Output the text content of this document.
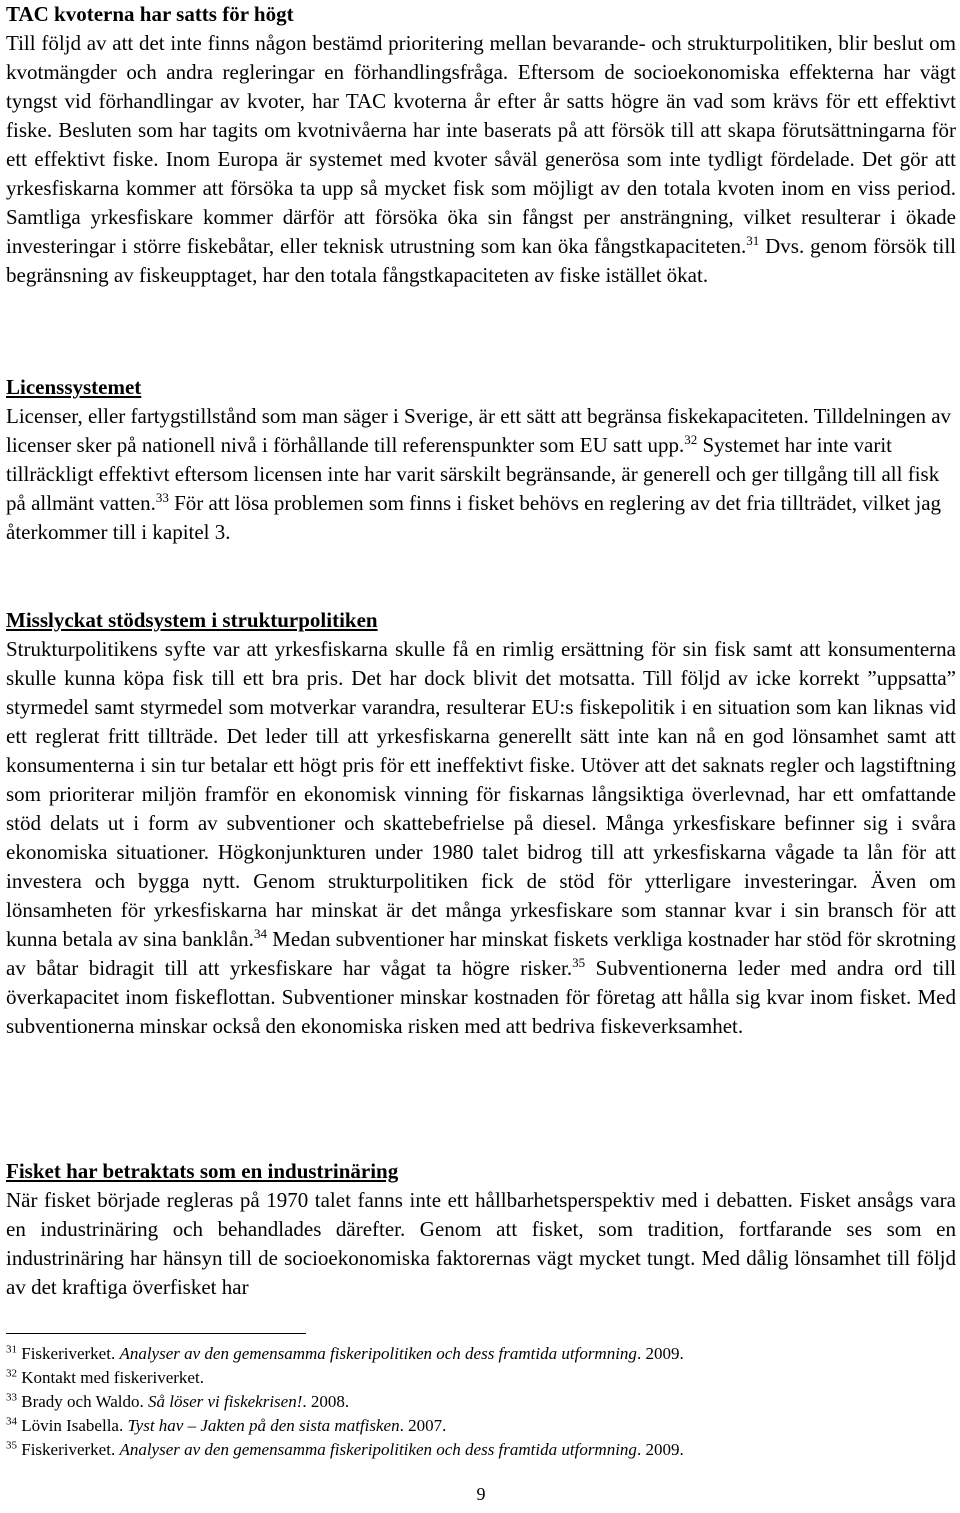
TAC kvoterna har satts för högt

Till följd av att det inte finns någon bestämd prioritering mellan bevarande- och strukturpolitiken, blir beslut om kvotmängder och andra regleringar en förhandlingsfråga. Eftersom de socioekonomiska effekterna har vägt tyngst vid förhandlingar av kvoter, har TAC kvoterna år efter år satts högre än vad som krävs för ett effektivt fiske. Besluten som har tagits om kvotnivåerna har inte baserats på att försök till att skapa förutsättningarna för ett effektivt fiske. Inom Europa är systemet med kvoter såväl generösa som inte tydligt fördelade. Det gör att yrkesfiskarna kommer att försöka ta upp så mycket fisk som möjligt av den totala kvoten inom en viss period. Samtliga yrkesfiskare kommer därför att försöka öka sin fångst per ansträngning, vilket resulterar i ökade investeringar i större fiskebåtar, eller teknisk utrustning som kan öka fångstkapaciteten.$^{31}$ Dvs. genom försök till begränsning av fiskeupptaget, har den totala fångstkapaciteten av fiske istället ökat.

Licenssystemet

Licenser, eller fartygstillstånd som man säger i Sverige, är ett sätt att begränsa fiskekapaciteten. Tilldelningen av licenser sker på nationell nivå i förhållande till referenspunkter som EU satt upp.$^{32}$ Systemet har inte varit tillräckligt effektivt eftersom licensen inte har varit särskilt begränsande, är generell och ger tillgång till all fisk på allmänt vatten.$^{33}$ För att lösa problemen som finns i fisket behövs en reglering av det fria tillträdet, vilket jag återkommer till i kapitel 3.

Misslyckat stödsystem i strukturpolitiken

Strukturpolitikens syfte var att yrkesfiskarna skulle få en rimlig ersättning för sin fisk samt att konsumenterna skulle kunna köpa fisk till ett bra pris. Det har dock blivit det motsatta. Till följd av icke korrekt ”uppsatta” styrmedel samt styrmedel som motverkar varandra, resulterar EU:s fiskepolitik i en situation som kan liknas vid ett reglerat fritt tillträde. Det leder till att yrkesfiskarna generellt sätt inte kan nå en god lönsamhet samt att konsumenterna i sin tur betalar ett högt pris för ett ineffektivt fiske. Utöver att det saknats regler och lagstiftning som prioriterar miljön framför en ekonomisk vinning för fiskarnas långsiktiga överlevnad, har ett omfattande stöd delats ut i form av subventioner och skattebefrielse på diesel. Många yrkesfiskare befinner sig i svåra ekonomiska situationer. Högkonjunkturen under 1980 talet bidrog till att yrkesfiskarna vågade ta lån för att investera och bygga nytt. Genom strukturpolitiken fick de stöd för ytterligare investeringar. Även om lönsamheten för yrkesfiskarna har minskat är det många yrkesfiskare som stannar kvar i sin bransch för att kunna betala av sina banklån.$^{34}$ Medan subventioner har minskat fiskets verkliga kostnader har stöd för skrotning av båtar bidragit till att yrkesfiskare har vågat ta högre risker.$^{35}$ Subventionerna leder med andra ord till överkapacitet inom fiskeflottan. Subventioner minskar kostnaden för företag att hålla sig kvar inom fisket. Med subventionerna minskar också den ekonomiska risken med att bedriva fiskeverksamhet.

Fisket har betraktats som en industrinäring

När fisket började regleras på 1970 talet fanns inte ett hållbarhetsperspektiv med i debatten. Fisket ansågs vara en industrinäring och behandlades därefter. Genom att fisket, som tradition, fortfarande ses som en industrinäring har hänsyn till de socioekonomiska faktorernas vägt mycket tungt. Med dålig lönsamhet till följd av det kraftiga överfisket har

$^{31}$ Fiskeriverket. Analyser av den gemensamma fiskeripolitiken och dess framtida utformning. 2009.

$^{32}$ Kontakt med fiskeriverket.

$^{33}$ Brady och Waldo. Så löser vi fiskekrisen!. 2008.

$^{34}$ Lövin Isabella. Tyst hav – Jakten på den sista matfisken. 2007.

$^{35}$ Fiskeriverket. Analyser av den gemensamma fiskeripolitiken och dess framtida utformning. 2009.

9
